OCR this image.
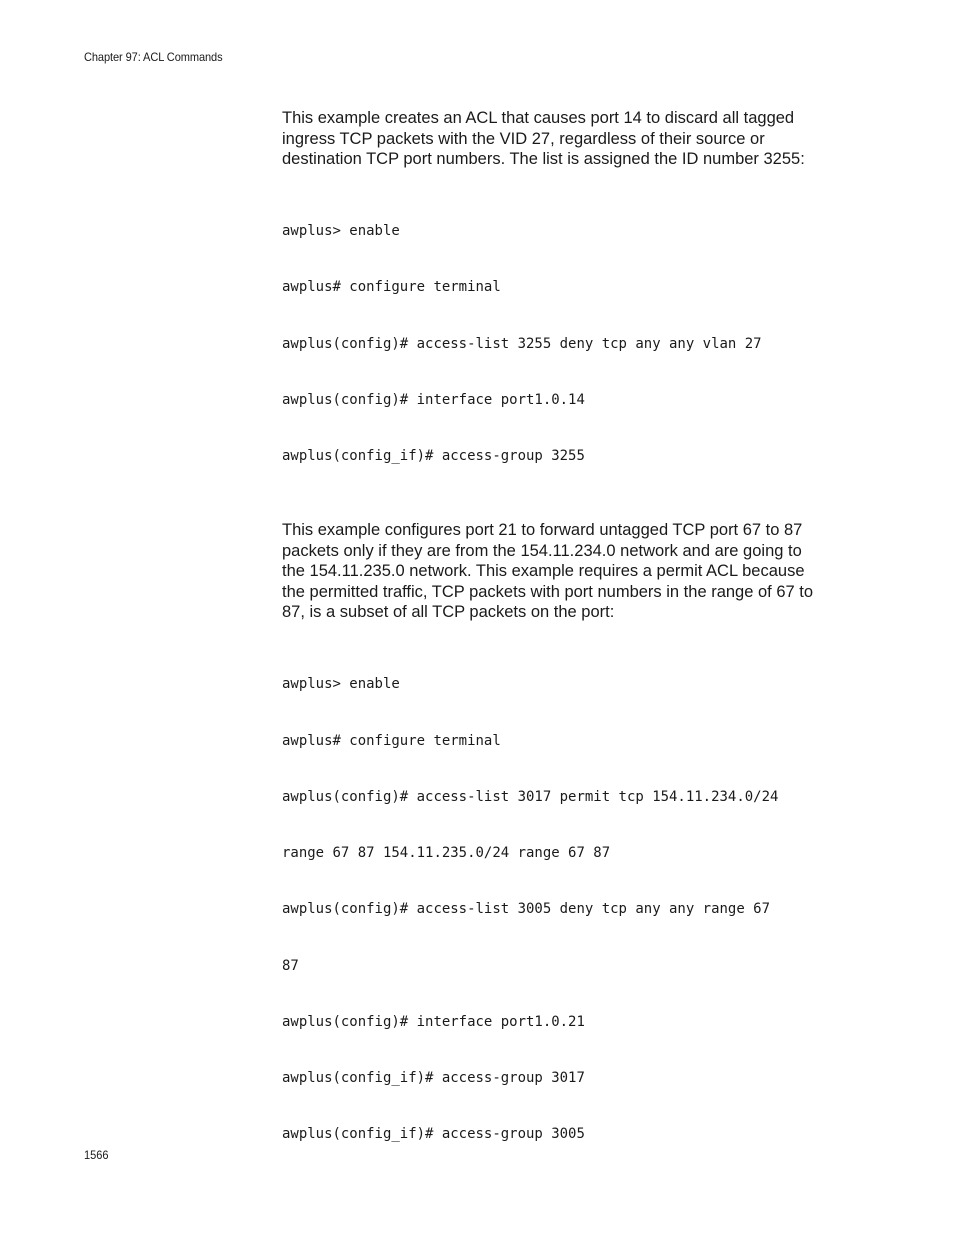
Chapter 97: ACL Commands

This example creates an ACL that causes port 14 to discard all tagged
ingress TCP packets with the VID 27, regardless of their source or
destination TCP port numbers. The list is assigned the ID number 3255:

awplus> enable

awplus# configure terminal

awplus(config)# access-list 3255 deny tcp any any vlan 27

awplus(config)# interface port1.0.14

awplus(config_if)# access-group 3255

This example configures port 21 to forward untagged TCP port 67 to 87
packets only if they are from the 154.11.234.0 network and are going to
the 154.11.235.0 network. This example requires a permit ACL because
the permitted traffic, TCP packets with port numbers in the range of 67 to
87, is a subset of all TCP packets on the port:

awplus> enable

awplus# configure terminal

awplus(config)# access-list 3017 permit tcp 154.11.234.0/24

range 67 87 154.11.235.0/24 range 67 87

awplus(config)# access-list 3005 deny tcp any any range 67

87

awplus(config)# interface port1.0.21

awplus(config_if)# access-group 3017

awplus(config_if)# access-group 3005

1566
